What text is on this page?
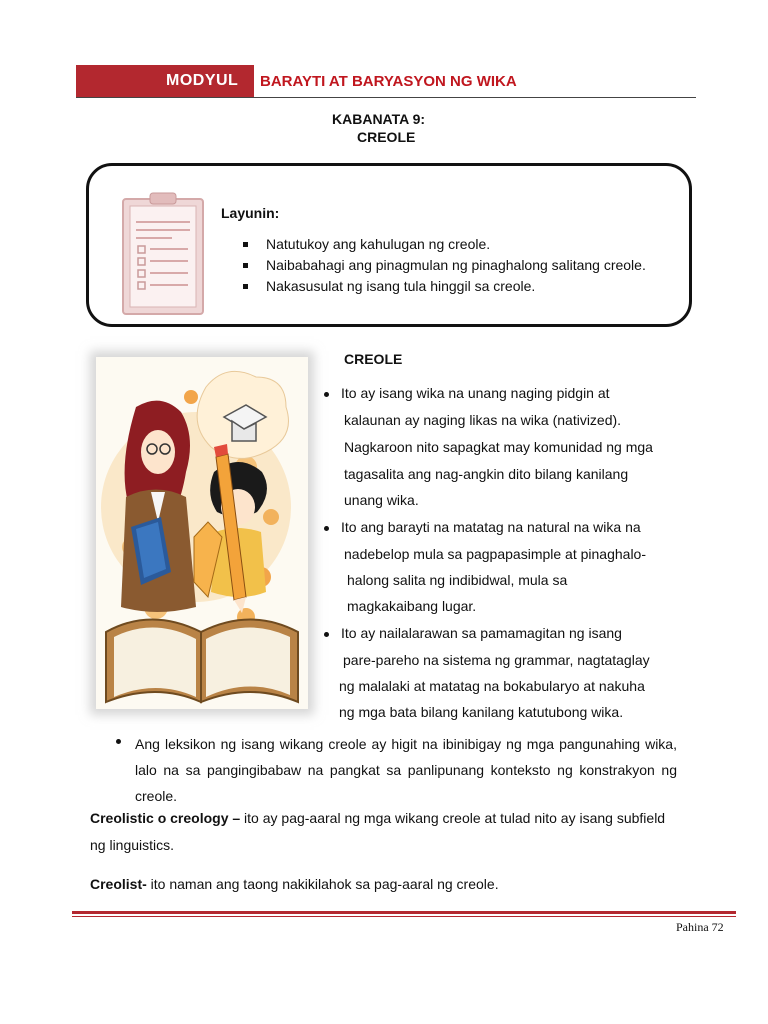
MODYUL BARAYTI AT BARYASYON NG WIKA
KABANATA 9:
CREOLE
Layunin:
Natutukoy ang kahulugan ng creole.
Naibabahagi ang pinagmulan ng pinaghalong salitang creole.
Nakasusulat ng isang tula hinggil sa creole.
CREOLE
Ito ay isang wika na unang naging pidgin at
kalaunan ay naging likas na wika (nativized).
Nagkaroon nito sapagkat may komunidad ng mga
tagasalita ang nag-angkin dito bilang kanilang
unang wika.
Ito ang barayti na matatag na natural na wika na
nadebelop mula sa pagpapasimple at pinaghalo-
halong salita ng indibidwal, mula sa
magkakaibang lugar.
Ito ay nailalarawan sa pamamagitan ng isang
pare-pareho na sistema ng grammar, nagtataglay
ng malalaki at matatag na bokabularyo at nakuha
ng mga bata bilang kanilang katutubong wika.
Ang leksikon ng isang wikang creole ay higit na ibinibigay ng mga pangunahing wika, lalo na sa pangingibabaw na pangkat sa panlipunang konteksto ng konstrakyon ng creole.
Creolistic o creology – ito ay pag-aaral ng mga wikang creole at tulad nito ay isang subfield ng linguistics.
Creolist- ito naman ang taong nakikilahok sa pag-aaral ng creole.
Pahina 72
